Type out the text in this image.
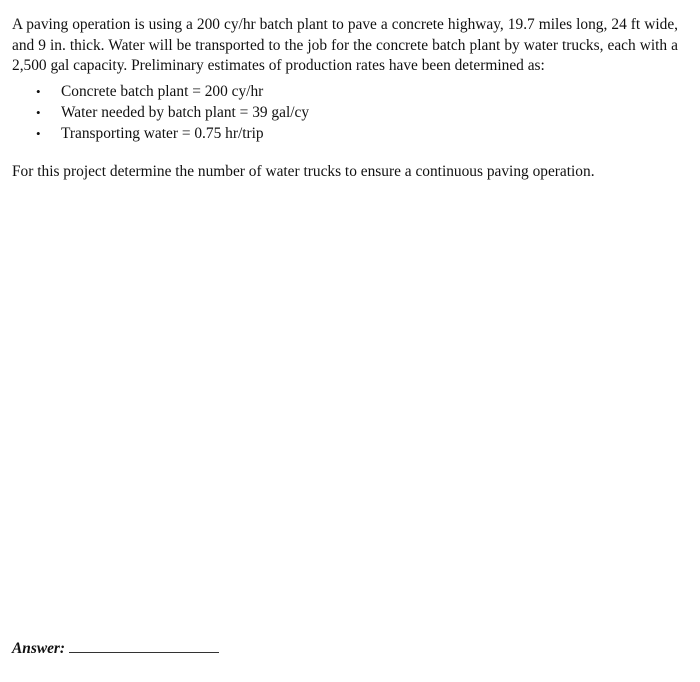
A paving operation is using a 200 cy/hr batch plant to pave a concrete highway, 19.7 miles long, 24 ft wide, and 9 in. thick. Water will be transported to the job for the concrete batch plant by water trucks, each with a 2,500 gal capacity. Preliminary estimates of production rates have been determined as:

•	Concrete batch plant = 200 cy/hr
•	Water needed by batch plant = 39 gal/cy
•	Transporting water = 0.75 hr/trip

For this project determine the number of water trucks to ensure a continuous paving operation.

Answer:
